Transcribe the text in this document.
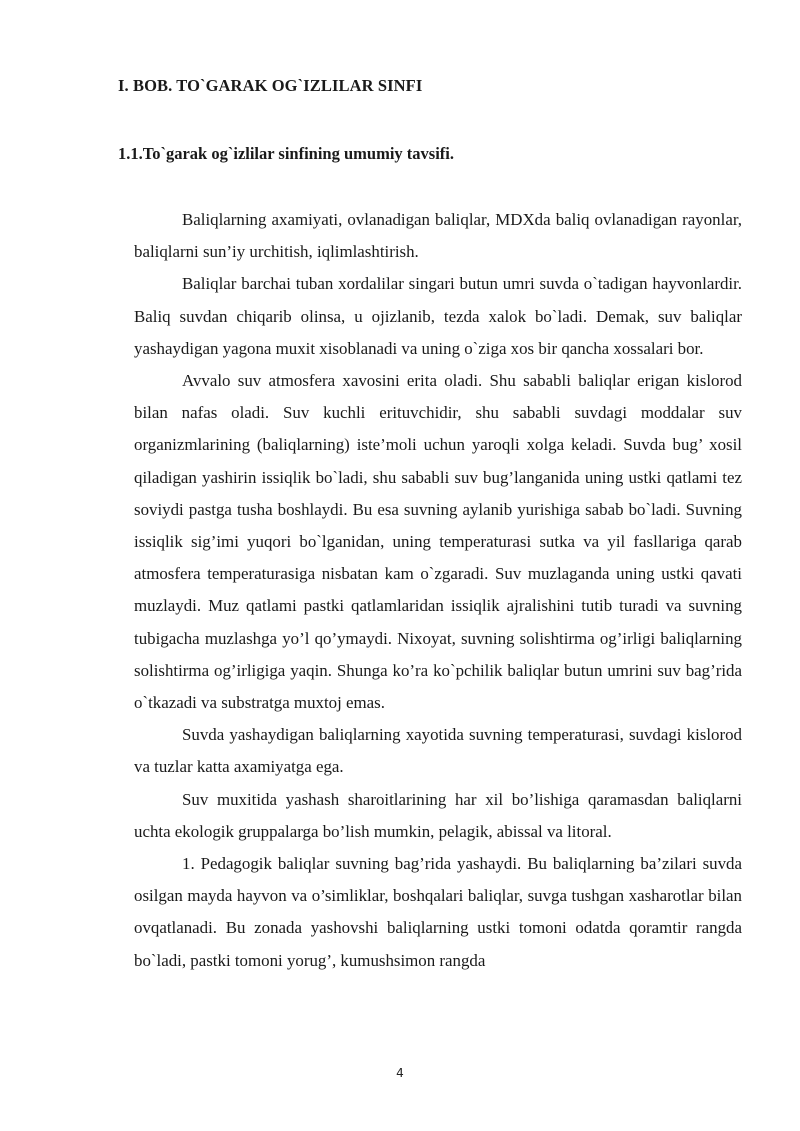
I. BOB. TO`GARAK OG`IZLILAR SINFI
1.1.To`garak og`izlilar sinfining umumiy tavsifi.

Baliqlarning axamiyati, ovlanadigan baliqlar, MDXda baliq ovlanadigan rayonlar, baliqlarni sun’iy urchitish, iqlimlashtirish.

Baliqlar barchai tuban xordalilar singari butun umri suvda o`tadigan hayvonlardir. Baliq suvdan chiqarib olinsa, u ojizlanib, tezda xalok bo`ladi. Demak, suv baliqlar yashaydigan yagona muxit xisoblanadi va uning o`ziga xos bir qancha xossalari bor.

Avvalo suv atmosfera xavosini erita oladi. Shu sababli baliqlar erigan kislorod bilan nafas oladi. Suv kuchli erituvchidir, shu sababli suvdagi moddalar suv organizmlarining (baliqlarning) iste’moli uchun yaroqli xolga keladi. Suvda bug’ xosil qiladigan yashirin issiqlik bo`ladi, shu sababli suv bug’langanida uning ustki qatlami tez soviydi pastga tusha boshlaydi. Bu esa suvning aylanib yurishiga sabab bo`ladi. Suvning issiqlik sig’imi yuqori bo`lganidan, uning temperaturasi sutka va yil fasllariga qarab atmosfera temperaturasiga nisbatan kam o`zgaradi. Suv muzlaganda uning ustki qavati muzlaydi. Muz qatlami pastki qatlamlaridan issiqlik ajralishini tutib turadi va suvning tubigacha muzlashga yo’l qo’ymaydi. Nixoyat, suvning solishtirma og’irligi baliqlarning solishtirma og’irligiga yaqin. Shunga ko’ra ko`pchilik baliqlar butun umrini suv bag’rida o`tkazadi va substratga muxtoj emas.

Suvda yashaydigan baliqlarning xayotida suvning temperaturasi, suvdagi kislorod va tuzlar katta axamiyatga ega.

Suv muxitida yashash sharoitlarining har xil bo’lishiga qaramasdan baliqlarni uchta ekologik gruppalarga bo’lish mumkin, pelagik, abissal va litoral.

1. Pedagogik baliqlar suvning bag’rida yashaydi. Bu baliqlarning ba’zilari suvda osilgan mayda hayvon va o’simliklar, boshqalari baliqlar, suvga tushgan xasharotlar bilan ovqatlanadi. Bu zonada yashovshi baliqlarning ustki tomoni odatda qoramtir rangda bo`ladi, pastki tomoni yorug’, kumushsimon rangda

4
